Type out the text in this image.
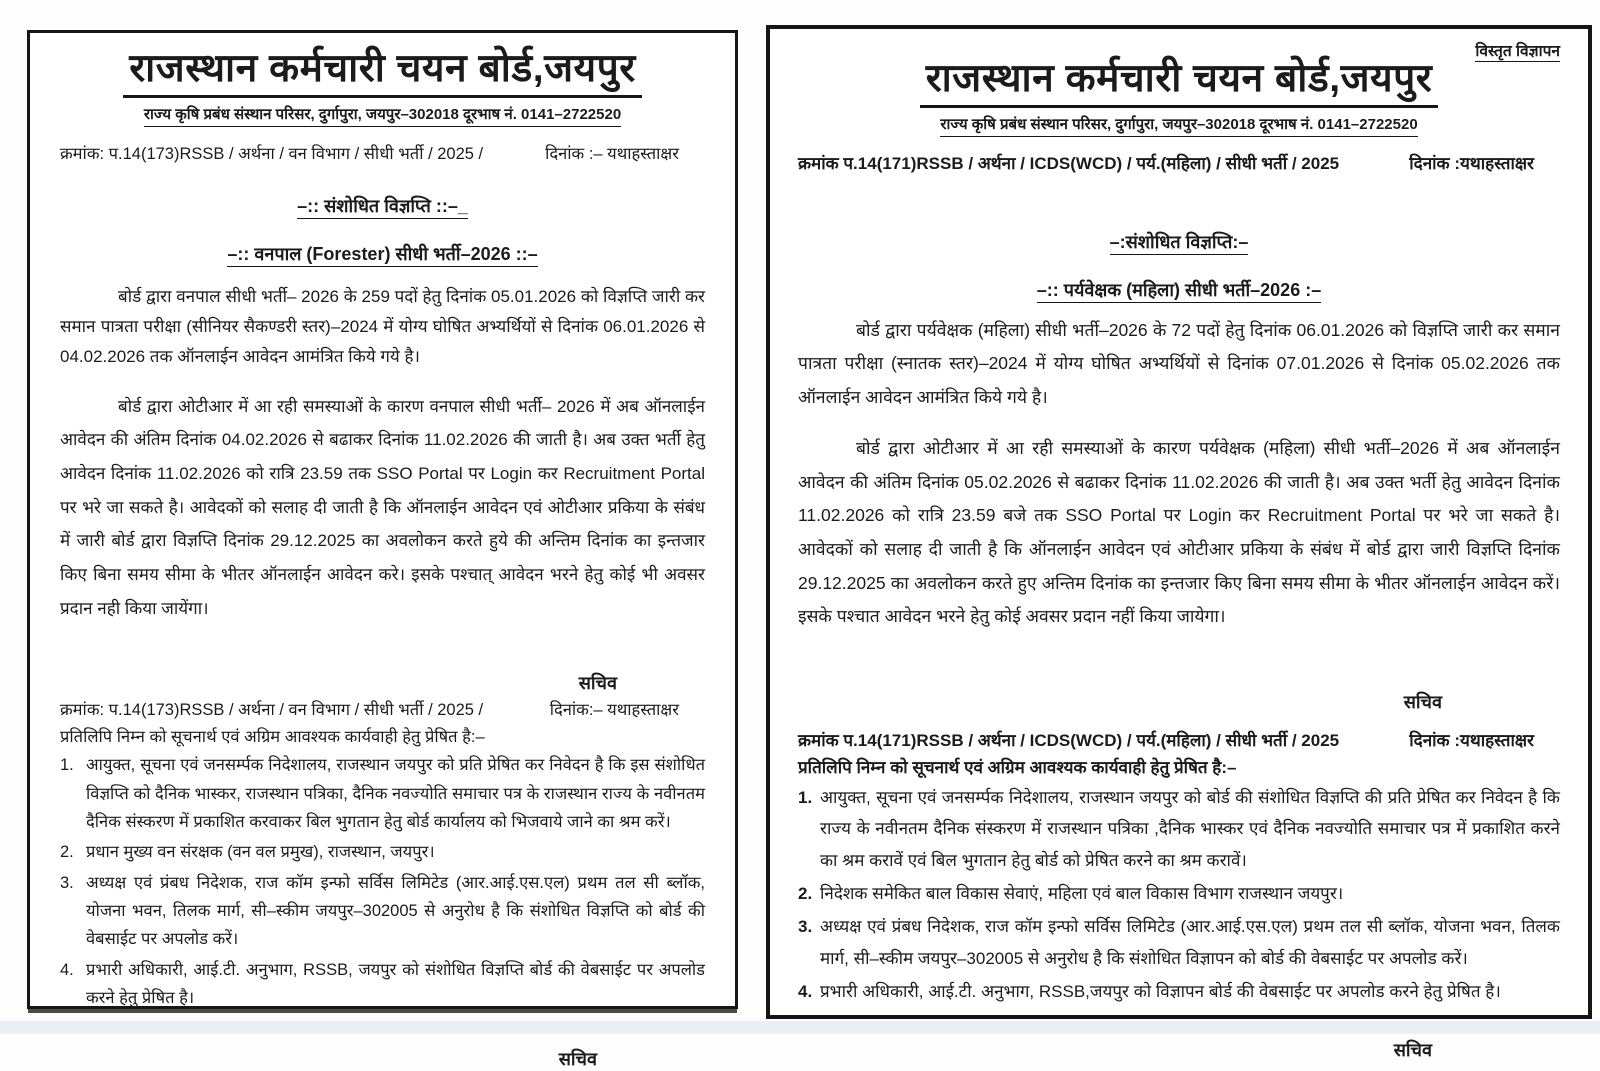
राजस्थान कर्मचारी चयन बोर्ड,जयपुर
राज्य कृषि प्रबंध संस्थान परिसर, दुर्गापुरा, जयपुर–302018 दूरभाष नं. 0141–2722520
क्रमांक: प.14(173)RSSB / अर्थना / वन विभाग / सीधी भर्ती / 2025 /	दिनांक :– यथाहस्ताक्षर
–:: संशोधित विज्ञप्ति ::–_
–:: वनपाल (Forester) सीधी भर्ती–2026 ::–

बोर्ड द्वारा वनपाल सीधी भर्ती– 2026 के 259 पदों हेतु दिनांक 05.01.2026 को विज्ञप्ति जारी कर समान पात्रता परीक्षा (सीनियर सैकण्डरी स्तर)–2024 में योग्य घोषित अभ्यर्थियों से दिनांक 06.01.2026 से 04.02.2026 तक ऑनलाईन आवेदन आमंत्रित किये गये है।

बोर्ड द्वारा ओटीआर में आ रही समस्याओं के कारण वनपाल सीधी भर्ती– 2026 में अब ऑनलाईन आवेदन की अंतिम दिनांक 04.02.2026 से बढाकर दिनांक 11.02.2026 की जाती है। अब उक्त भर्ती हेतु आवेदन दिनांक 11.02.2026 को रात्रि 23.59 तक SSO Portal पर Login कर Recruitment Portal पर भरे जा सकते है। आवेदकों को सलाह दी जाती है कि ऑनलाईन आवेदन एवं ओटीआर प्रकिया के संबंध में जारी बोर्ड द्वारा विज्ञप्ति दिनांक 29.12.2025 का अवलोकन करते हुये की अन्तिम दिनांक का इन्तजार किए बिना समय सीमा के भीतर ऑनलाईन आवेदन करे। इसके पश्चात् आवेदन भरने हेतु कोई भी अवसर प्रदान नही किया जायेंगा।

सचिव
क्रमांक: प.14(173)RSSB / अर्थना / वन विभाग / सीधी भर्ती / 2025 /	दिनांक:– यथाहस्ताक्षर
प्रतिलिपि निम्न को सूचनार्थ एवं अग्रिम आवश्यक कार्यवाही हेतु प्रेषित है:–
1. आयुक्त, सूचना एवं जनसर्म्पक निदेशालय, राजस्थान जयपुर को प्रति प्रेषित कर निवेदन है कि इस संशोधित विज्ञप्ति को दैनिक भास्कर, राजस्थान पत्रिका, दैनिक नवज्योति समाचार पत्र के राजस्थान राज्य के नवीनतम दैनिक संस्करण में प्रकाशित करवाकर बिल भुगतान हेतु बोर्ड कार्यालय को भिजवाये जाने का श्रम करें।
2. प्रधान मुख्य वन संरक्षक (वन वल प्रमुख), राजस्थान, जयपुर।
3. अध्यक्ष एवं प्रंबध निदेशक, राज कॉम इन्फो सर्विस लिमिटेड (आर.आई.एस.एल) प्रथम तल सी ब्लॉक, योजना भवन, तिलक मार्ग, सी–स्कीम जयपुर–302005 से अनुरोध है कि संशोधित विज्ञप्ति को बोर्ड की वेबसाईट पर अपलोड करें।
4. प्रभारी अधिकारी, आई.टी. अनुभाग, RSSB, जयपुर को संशोधित विज्ञप्ति बोर्ड की वेबसाईट पर अपलोड करने हेतु प्रेषित है।
सचिव
विस्तृत विज्ञापन
राजस्थान कर्मचारी चयन बोर्ड,जयपुर
राज्य कृषि प्रबंध संस्थान परिसर, दुर्गापुरा, जयपुर–302018 दूरभाष नं. 0141–2722520
क्रमांक प.14(171)RSSB / अर्थना / ICDS(WCD) / पर्य.(महिला) / सीधी भर्ती / 2025	दिनांक :यथाहस्ताक्षर
–:संशोधित विज्ञप्ति:–
–:: पर्यवेक्षक (महिला) सीधी भर्ती–2026 :–

बोर्ड द्वारा पर्यवेक्षक (महिला) सीधी भर्ती–2026 के 72 पदों हेतु दिनांक 06.01.2026 को विज्ञप्ति जारी कर समान पात्रता परीक्षा (स्नातक स्तर)–2024 में योग्य घोषित अभ्यर्थियों से दिनांक 07.01.2026 से दिनांक 05.02.2026 तक ऑनलाईन आवेदन आमंत्रित किये गये है।

बोर्ड द्वारा ओटीआर में आ रही समस्याओं के कारण पर्यवेक्षक (महिला) सीधी भर्ती–2026 में अब ऑनलाईन आवेदन की अंतिम दिनांक 05.02.2026 से बढाकर दिनांक 11.02.2026 की जाती है। अब उक्त भर्ती हेतु आवेदन दिनांक 11.02.2026 को रात्रि 23.59 बजे तक SSO Portal पर Login कर Recruitment Portal पर भरे जा सकते है। आवेदकों को सलाह दी जाती है कि ऑनलाईन आवेदन एवं ओटीआर प्रकिया के संबंध में बोर्ड द्वारा जारी विज्ञप्ति दिनांक 29.12.2025 का अवलोकन करते हुए अन्तिम दिनांक का इन्तजार किए बिना समय सीमा के भीतर ऑनलाईन आवेदन करें। इसके पश्चात आवेदन भरने हेतु कोई अवसर प्रदान नहीं किया जायेगा।

सचिव
क्रमांक प.14(171)RSSB / अर्थना / ICDS(WCD) / पर्य.(महिला) / सीधी भर्ती / 2025	दिनांक :यथाहस्ताक्षर
प्रतिलिपि निम्न को सूचनार्थ एवं अग्रिम आवश्यक कार्यवाही हेतु प्रेषित है:–
1. आयुक्त, सूचना एवं जनसर्म्पक निदेशालय, राजस्थान जयपुर को बोर्ड की संशोधित विज्ञप्ति की प्रति प्रेषित कर निवेदन है कि राज्य के नवीनतम दैनिक संस्करण में राजस्थान पत्रिका ,दैनिक भास्कर एवं दैनिक नवज्योति समाचार पत्र में प्रकाशित करने का श्रम करावें एवं बिल भुगतान हेतु बोर्ड को प्रेषित करने का श्रम करावें।
2. निदेशक समेकित बाल विकास सेवाएं, महिला एवं बाल विकास विभाग राजस्थान जयपुर।
3. अध्यक्ष एवं प्रंबध निदेशक, राज कॉम इन्फो सर्विस लिमिटेड (आर.आई.एस.एल) प्रथम तल सी ब्लॉक, योजना भवन, तिलक मार्ग, सी–स्कीम जयपुर–302005 से अनुरोध है कि संशोधित विज्ञापन को बोर्ड की वेबसाईट पर अपलोड करें।
4. प्रभारी अधिकारी, आई.टी. अनुभाग, RSSB,जयपुर को विज्ञापन बोर्ड की वेबसाईट पर अपलोड करने हेतु प्रेषित है।
सचिव
